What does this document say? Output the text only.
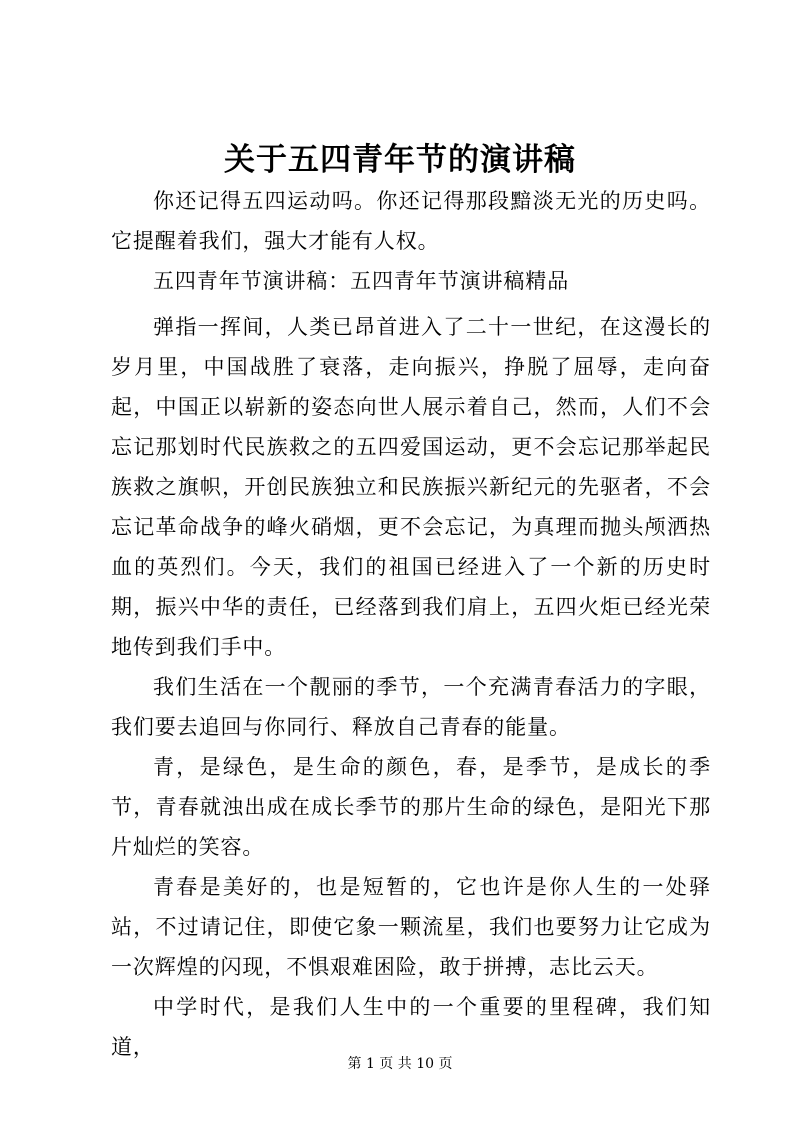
关于五四青年节的演讲稿

你还记得五四运动吗。你还记得那段黯淡无光的历史吗。它提醒着我们，强大才能有人权。

五四青年节演讲稿：五四青年节演讲稿精品

弹指一挥间，人类已昂首进入了二十一世纪，在这漫长的岁月里，中国战胜了衰落，走向振兴，挣脱了屈辱，走向奋起，中国正以崭新的姿态向世人展示着自己，然而，人们不会忘记那划时代民族救之的五四爱国运动，更不会忘记那举起民族救之旗帜，开创民族独立和民族振兴新纪元的先驱者，不会忘记革命战争的峰火硝烟，更不会忘记，为真理而抛头颅洒热血的英烈们。今天，我们的祖国已经进入了一个新的历史时期，振兴中华的责任，已经落到我们肩上，五四火炬已经光荣地传到我们手中。

我们生活在一个靓丽的季节，一个充满青春活力的字眼，我们要去追回与你同行、释放自己青春的能量。

青，是绿色，是生命的颜色，春，是季节，是成长的季节，青春就浊出成在成长季节的那片生命的绿色，是阳光下那片灿烂的笑容。

青春是美好的，也是短暂的，它也许是你人生的一处驿站，不过请记住，即使它象一颗流星，我们也要努力让它成为一次辉煌的闪现，不惧艰难困险，敢于拼搏，志比云天。

中学时代，是我们人生中的一个重要的里程碑，我们知道，

第 1 页 共 10 页
